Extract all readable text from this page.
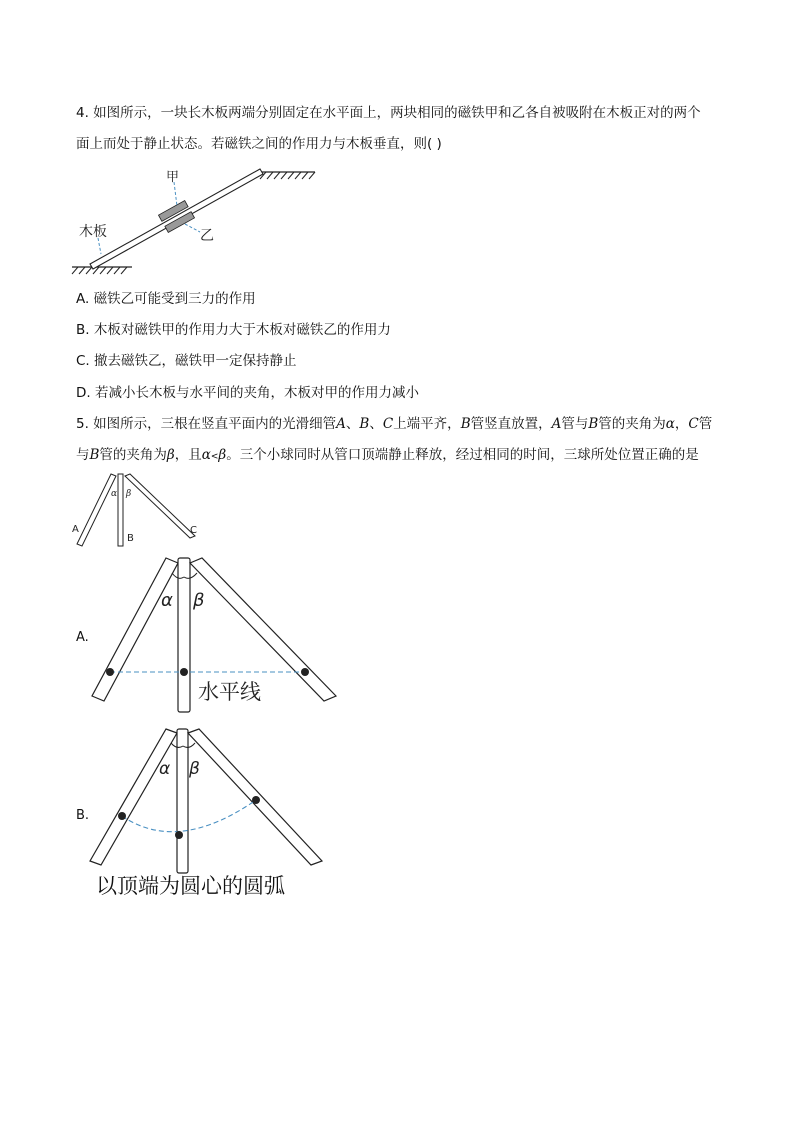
4. 如图所示，一块长木板两端分别固定在水平面上，两块相同的磁铁甲和乙各自被吸附在木板正对的两个
面上而处于静止状态。若磁铁之间的作用力与木板垂直，则( )
甲
乙
木板
A. 磁铁乙可能受到三力的作用
B. 木板对磁铁甲的作用力大于木板对磁铁乙的作用力
C. 撤去磁铁乙，磁铁甲一定保持静止
D. 若减小长木板与水平间的夹角，木板对甲的作用力减小
5. 如图所示，三根在竖直平面内的光滑细管A、B、C上端平齐，B管竖直放置，A管与B管的夹角为α，C管
与B管的夹角为β，且α<β。三个小球同时从管口顶端静止释放，经过相同的时间，三球所处位置正确的是
α β
A
B
C
A.
α β
水平线
B.
α β
以顶端为圆心的圆弧
